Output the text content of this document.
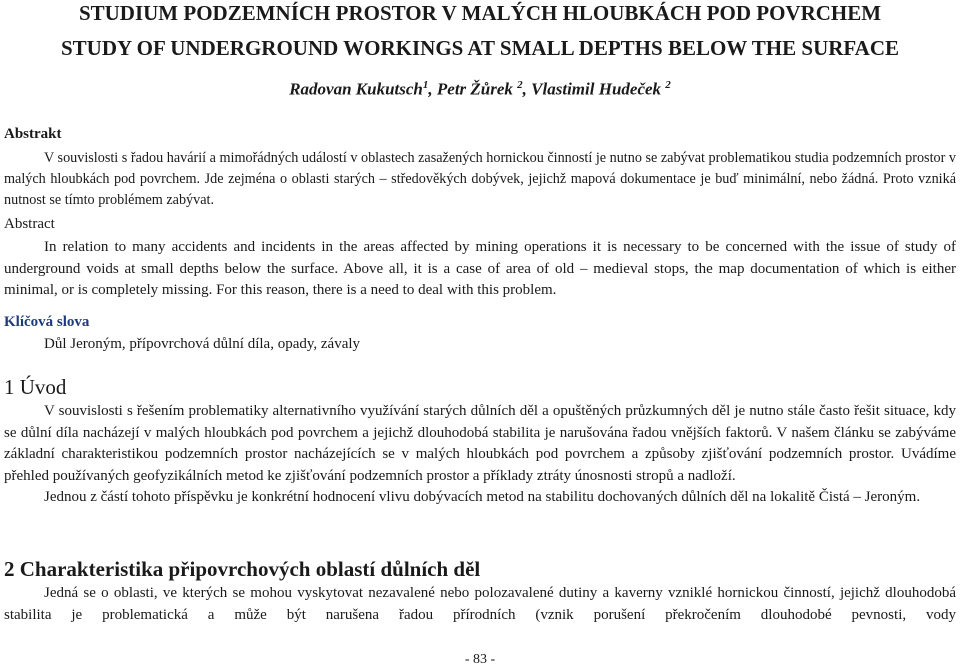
STUDIUM PODZEMNÍCH PROSTOR V MALÝCH HLOUBKÁCH POD POVRCHEM
STUDY OF UNDERGROUND WORKINGS AT SMALL DEPTHS BELOW THE SURFACE
Radovan Kukutsch$^1$, Petr Žůrek $^2$, Vlastimil Hudeček $^2$
Abstrakt

V souvislosti s řadou havárií a mimořádných událostí v oblastech zasažených hornickou činností je nutno se zabývat problematikou studia podzemních prostor v malých hloubkách pod povrchem. Jde zejména o oblasti starých – středověkých dobývek, jejichž mapová dokumentace je buď minimální, nebo žádná. Proto vzniká nutnost se tímto problémem zabývat.

Abstract

In relation to many accidents and incidents in the areas affected by mining operations it is necessary to be concerned with the issue of study of underground voids at small depths below the surface. Above all, it is a case of area of old – medieval stops, the map documentation of which is either minimal, or is completely missing. For this reason, there is a need to deal with this problem.

Klíčová slova
Důl Jeroným, přípovrchová důlní díla, opady, závaly
1 Úvod

V souvislosti s řešením problematiky alternativního využívání starých důlních děl a opuštěných průzkumných děl je nutno stále často řešit situace, kdy se důlní díla nacházejí v malých hloubkách pod povrchem a jejichž dlouhodobá stabilita je narušována řadou vnějších faktorů. V našem článku se zabýváme základní charakteristikou podzemních prostor nacházejících se v malých hloubkách pod povrchem a způsoby zjišťování podzemních prostor. Uvádíme přehled používaných geofyzikálních metod ke zjišťování podzemních prostor a příklady ztráty únosnosti stropů a nadloží.

Jednou z částí tohoto příspěvku je konkrétní hodnocení vlivu dobývacích metod na stabilitu dochovaných důlních děl na lokalitě Čistá – Jeroným.

2 Charakteristika připovrchových oblastí důlních děl

Jedná se o oblasti, ve kterých se mohou vyskytovat nezavalené nebo polozavalené dutiny a kaverny vzniklé hornickou činností, jejichž dlouhodobá stabilita je problematická a může být narušena řadou přírodních (vznik porušení překročením dlouhodobé pevnosti, vody

- 83 -
